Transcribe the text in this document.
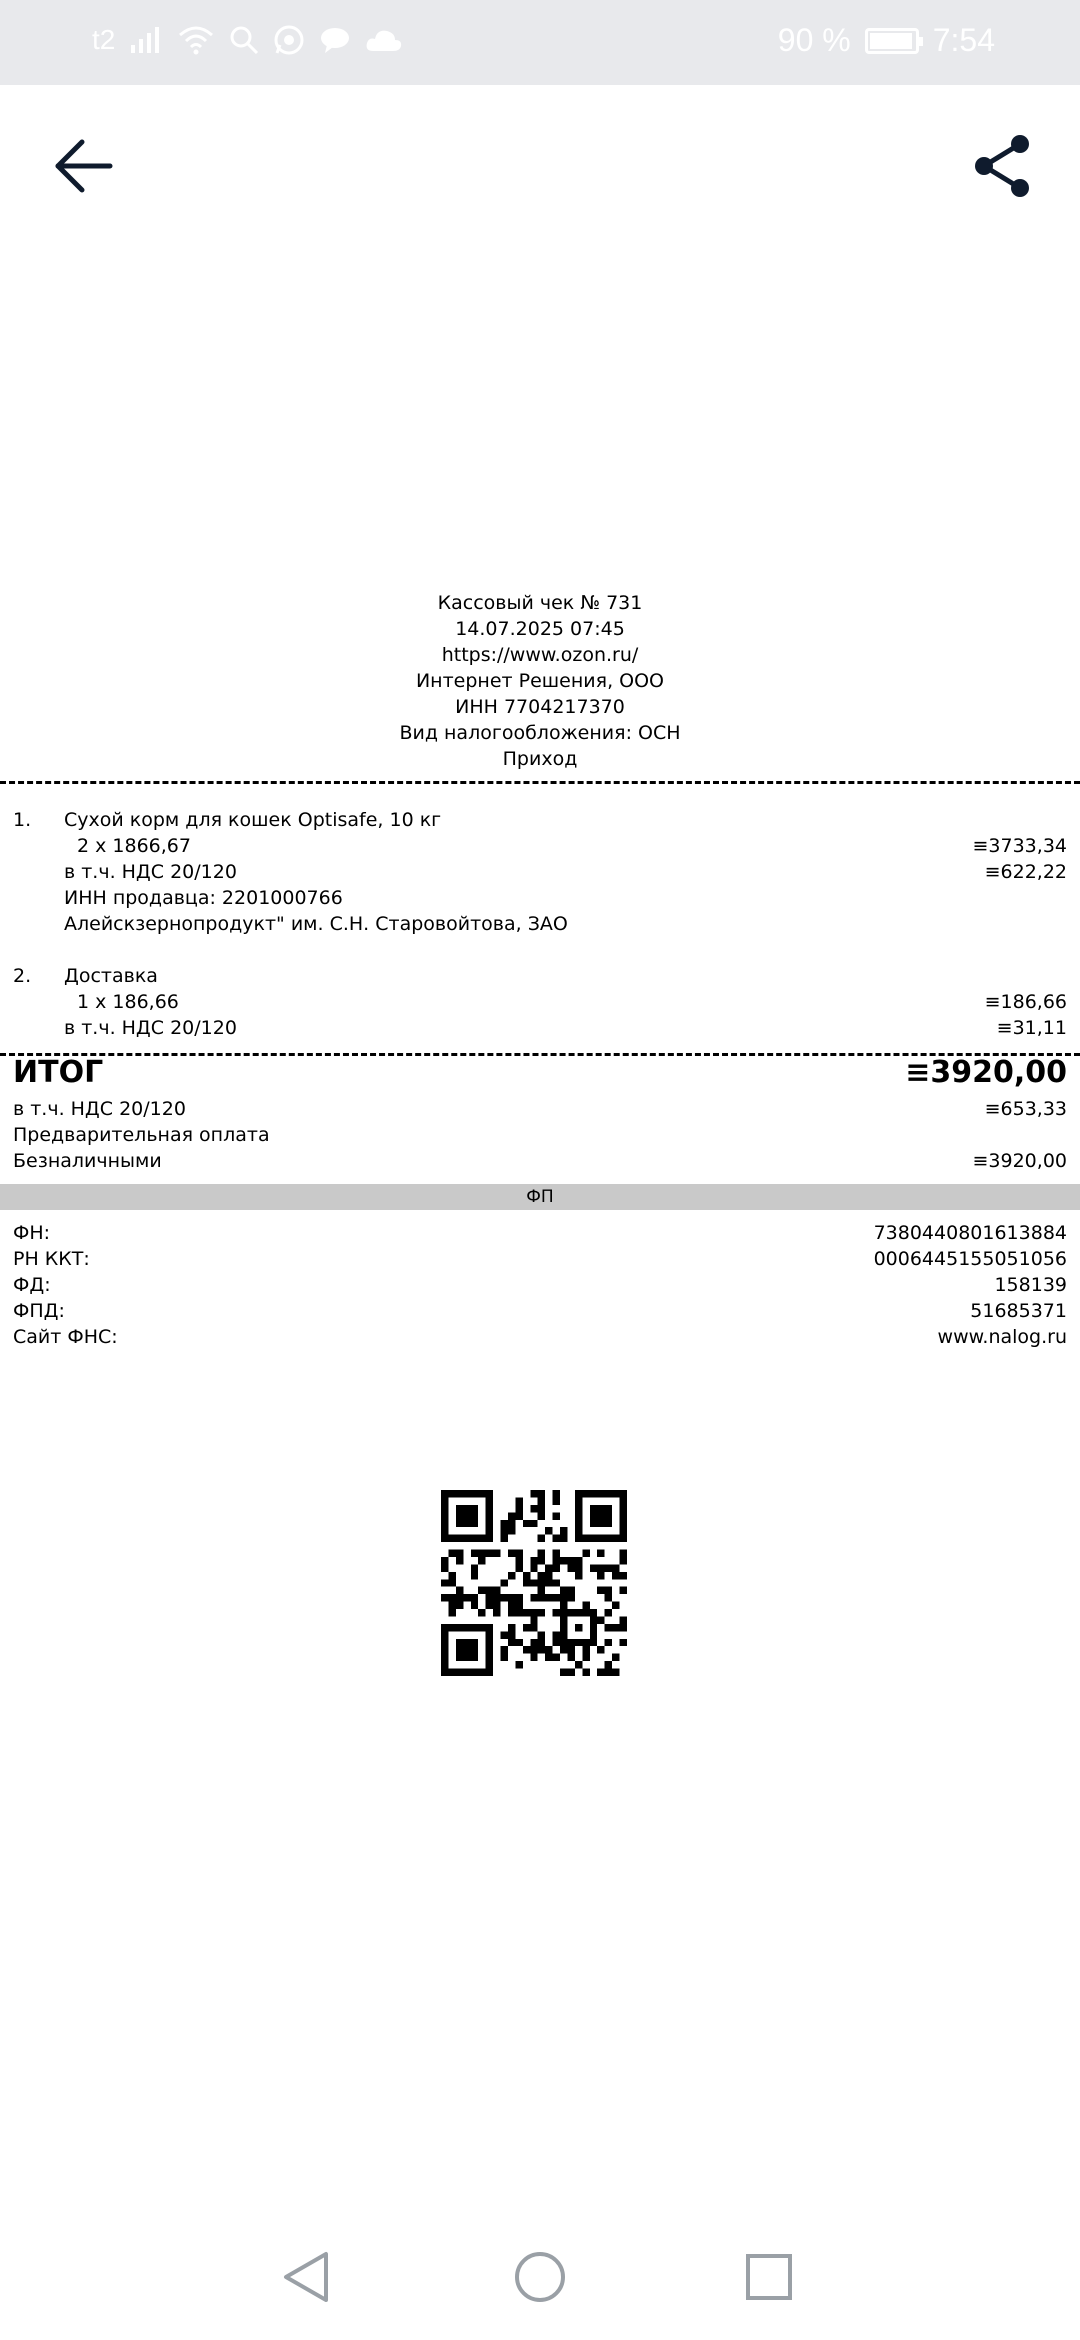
t2	90 %	7:54
Кассовый чек № 731
14.07.2025 07:45
https://www.ozon.ru/
Интернет Решения, ООО
ИНН 7704217370
Вид налогообложения: ОСН
Приход
1. Сухой корм для кошек Optisafe, 10 кг
2 x 1866,67	≡3733,34
в т.ч. НДС 20/120	≡622,22
ИНН продавца: 2201000766
Алейскзернопродукт" им. С.Н. Старовойтова, ЗАО
2. Доставка
1 x 186,66	≡186,66
в т.ч. НДС 20/120	≡31,11
ИТОГ	≡3920,00
в т.ч. НДС 20/120	≡653,33
Предварительная оплата
Безналичными	≡3920,00
ФП
ФН:	7380440801613884
РН ККТ:	0006445155051056
ФД:	158139
ФПД:	51685371
Сайт ФНС:	www.nalog.ru
